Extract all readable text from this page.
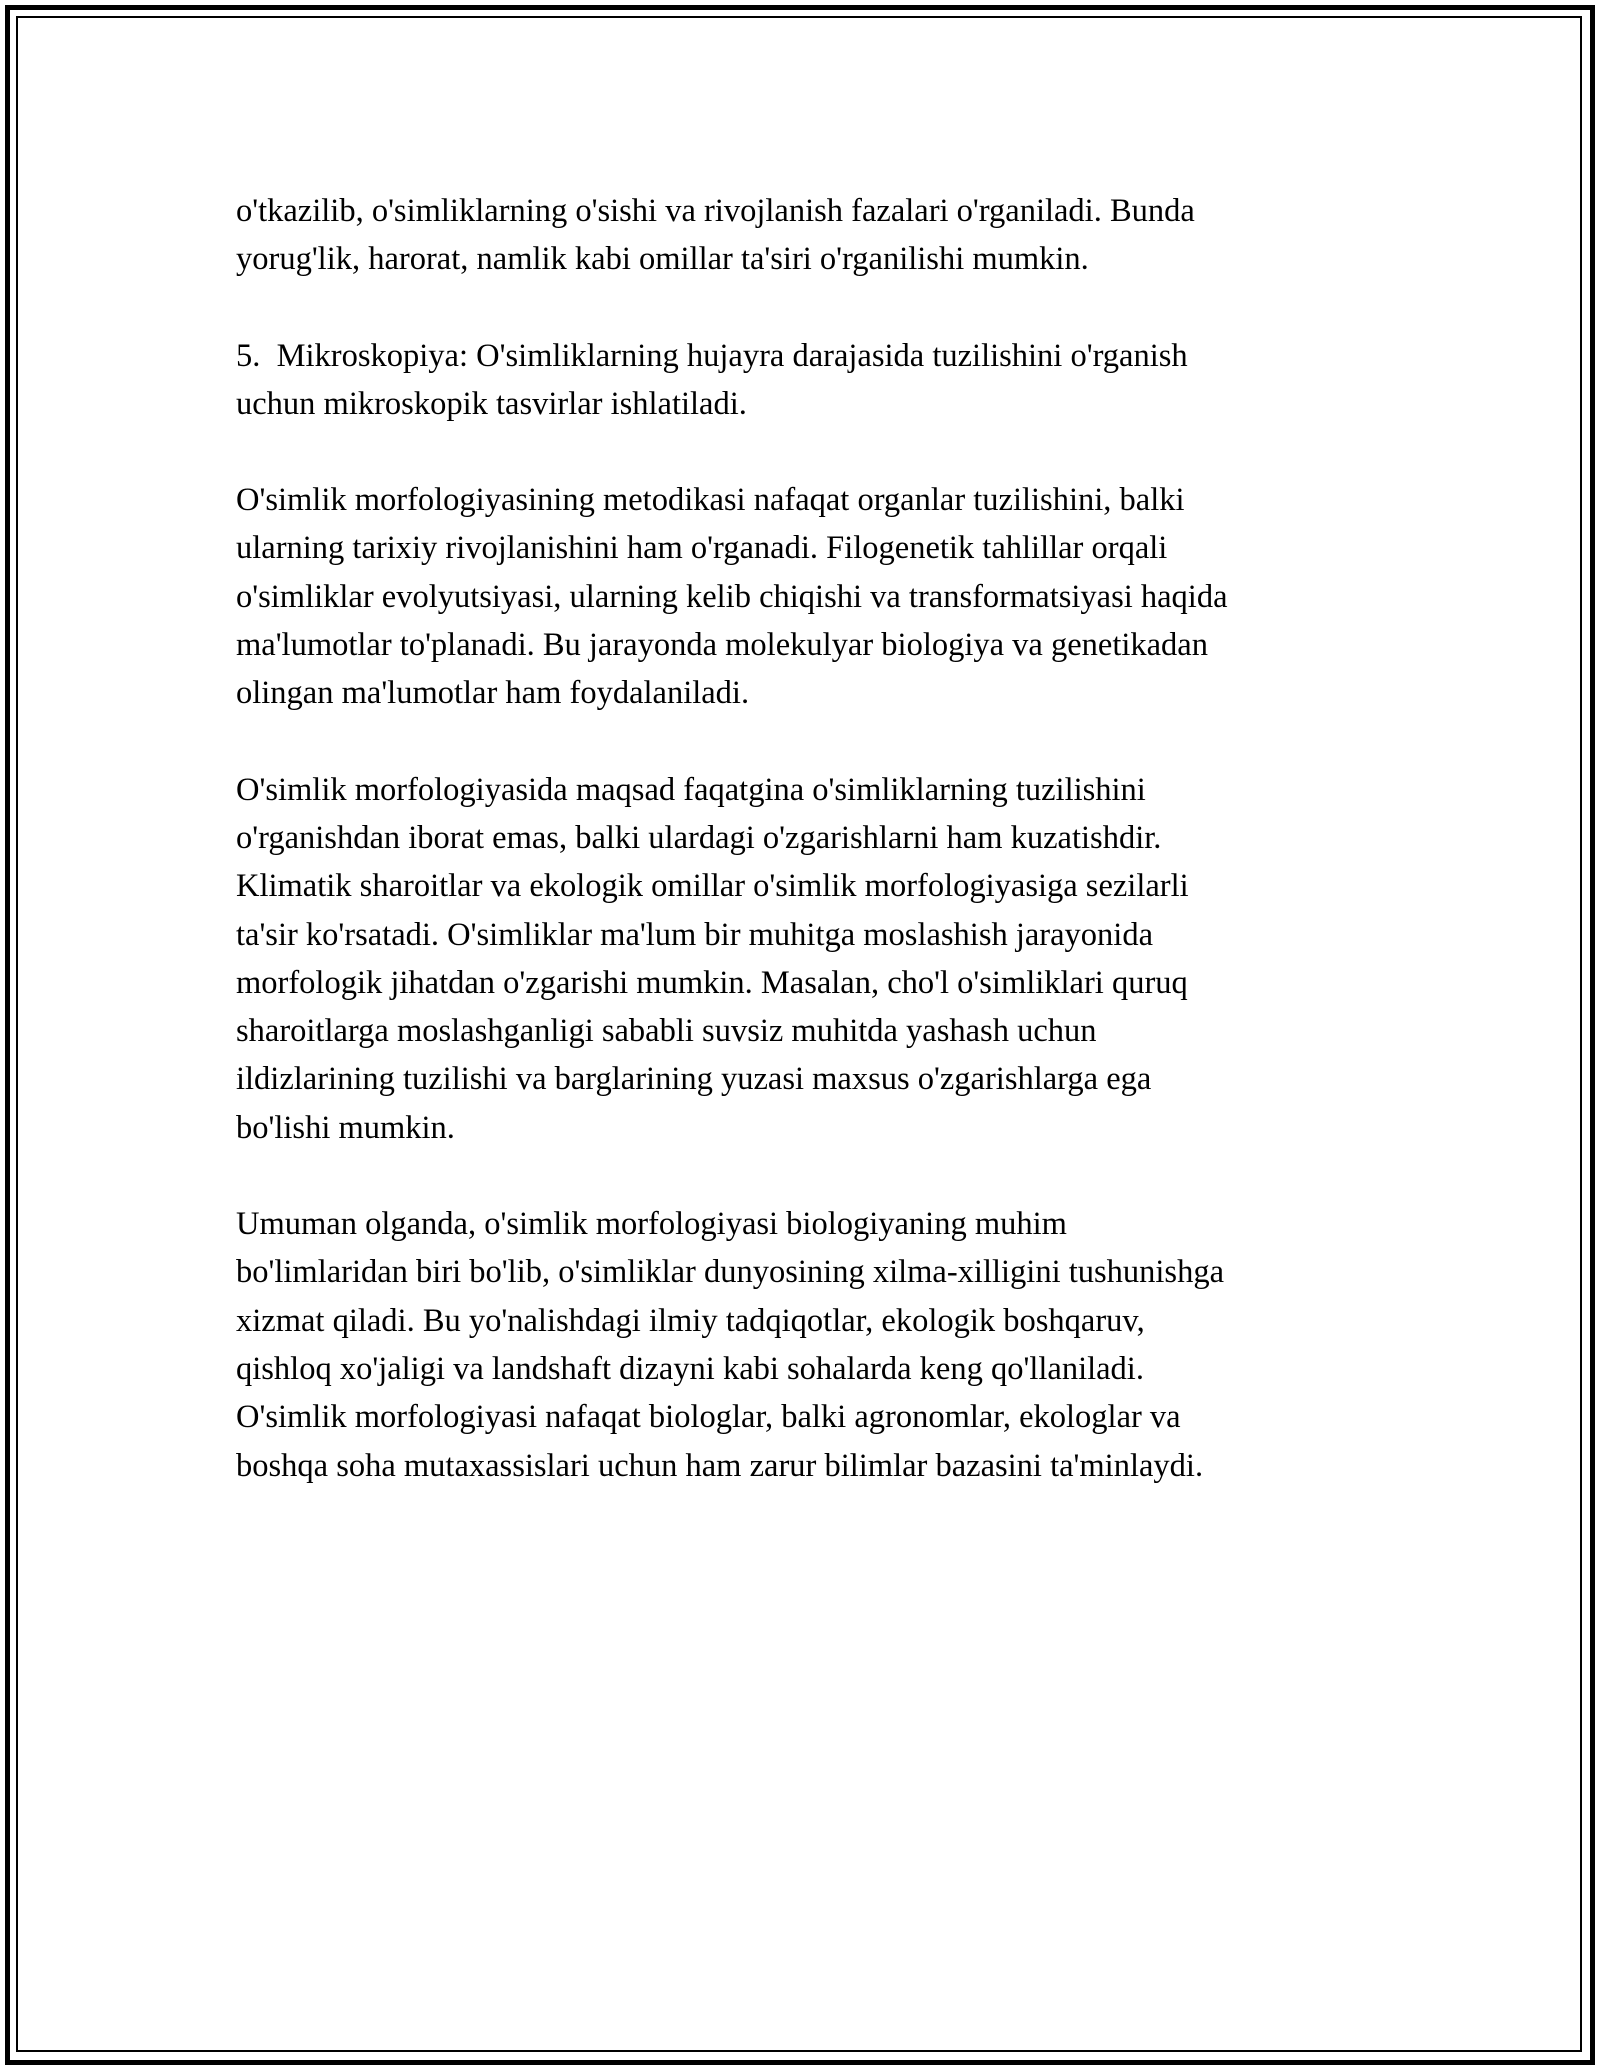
o'tkazilib, o'simliklarning o'sishi va rivojlanish fazalari o'rganiladi. Bunda
yorug'lik, harorat, namlik kabi omillar ta'siri o'rganilishi mumkin.

5.  Mikroskopiya: O'simliklarning hujayra darajasida tuzilishini o'rganish
uchun mikroskopik tasvirlar ishlatiladi.

O'simlik morfologiyasining metodikasi nafaqat organlar tuzilishini, balki
ularning tarixiy rivojlanishini ham o'rganadi. Filogenetik tahlillar orqali
o'simliklar evolyutsiyasi, ularning kelib chiqishi va transformatsiyasi haqida
ma'lumotlar to'planadi. Bu jarayonda molekulyar biologiya va genetikadan
olingan ma'lumotlar ham foydalaniladi.

O'simlik morfologiyasida maqsad faqatgina o'simliklarning tuzilishini
o'rganishdan iborat emas, balki ulardagi o'zgarishlarni ham kuzatishdir.
Klimatik sharoitlar va ekologik omillar o'simlik morfologiyasiga sezilarli
ta'sir ko'rsatadi. O'simliklar ma'lum bir muhitga moslashish jarayonida
morfologik jihatdan o'zgarishi mumkin. Masalan, cho'l o'simliklari quruq
sharoitlarga moslashganligi sababli suvsiz muhitda yashash uchun
ildizlarining tuzilishi va barglarining yuzasi maxsus o'zgarishlarga ega
bo'lishi mumkin.

Umuman olganda, o'simlik morfologiyasi biologiyaning muhim
bo'limlaridan biri bo'lib, o'simliklar dunyosining xilma-xilligini tushunishga
xizmat qiladi. Bu yo'nalishdagi ilmiy tadqiqotlar, ekologik boshqaruv,
qishloq xo'jaligi va landshaft dizayni kabi sohalarda keng qo'llaniladi.
O'simlik morfologiyasi nafaqat biologlar, balki agronomlar, ekologlar va
boshqa soha mutaxassislari uchun ham zarur bilimlar bazasini ta'minlaydi.
